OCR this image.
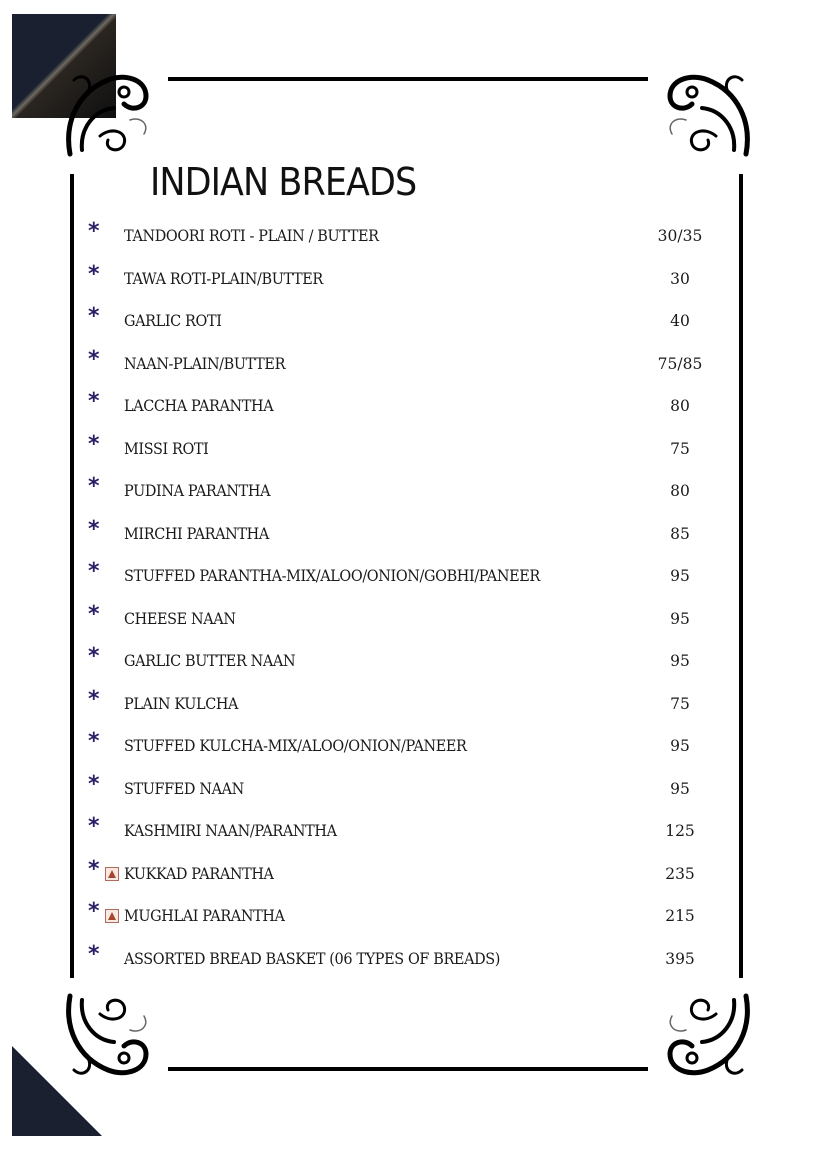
INDIAN BREADS
* TANDOORI ROTI - PLAIN / BUTTER	30/35
* TAWA ROTI-PLAIN/BUTTER	30
* GARLIC ROTI	40
* NAAN-PLAIN/BUTTER	75/85
* LACCHA PARANTHA	80
* MISSI ROTI	75
* PUDINA PARANTHA	80
* MIRCHI PARANTHA	85
* STUFFED PARANTHA-MIX/ALOO/ONION/GOBHI/PANEER	95
* CHEESE NAAN	95
* GARLIC BUTTER NAAN	95
* PLAIN KULCHA	75
* STUFFED KULCHA-MIX/ALOO/ONION/PANEER	95
* STUFFED NAAN	95
* KASHMIRI NAAN/PARANTHA	125
* KUKKAD PARANTHA	235
* MUGHLAI PARANTHA	215
* ASSORTED BREAD BASKET (06 TYPES OF BREADS)	395
